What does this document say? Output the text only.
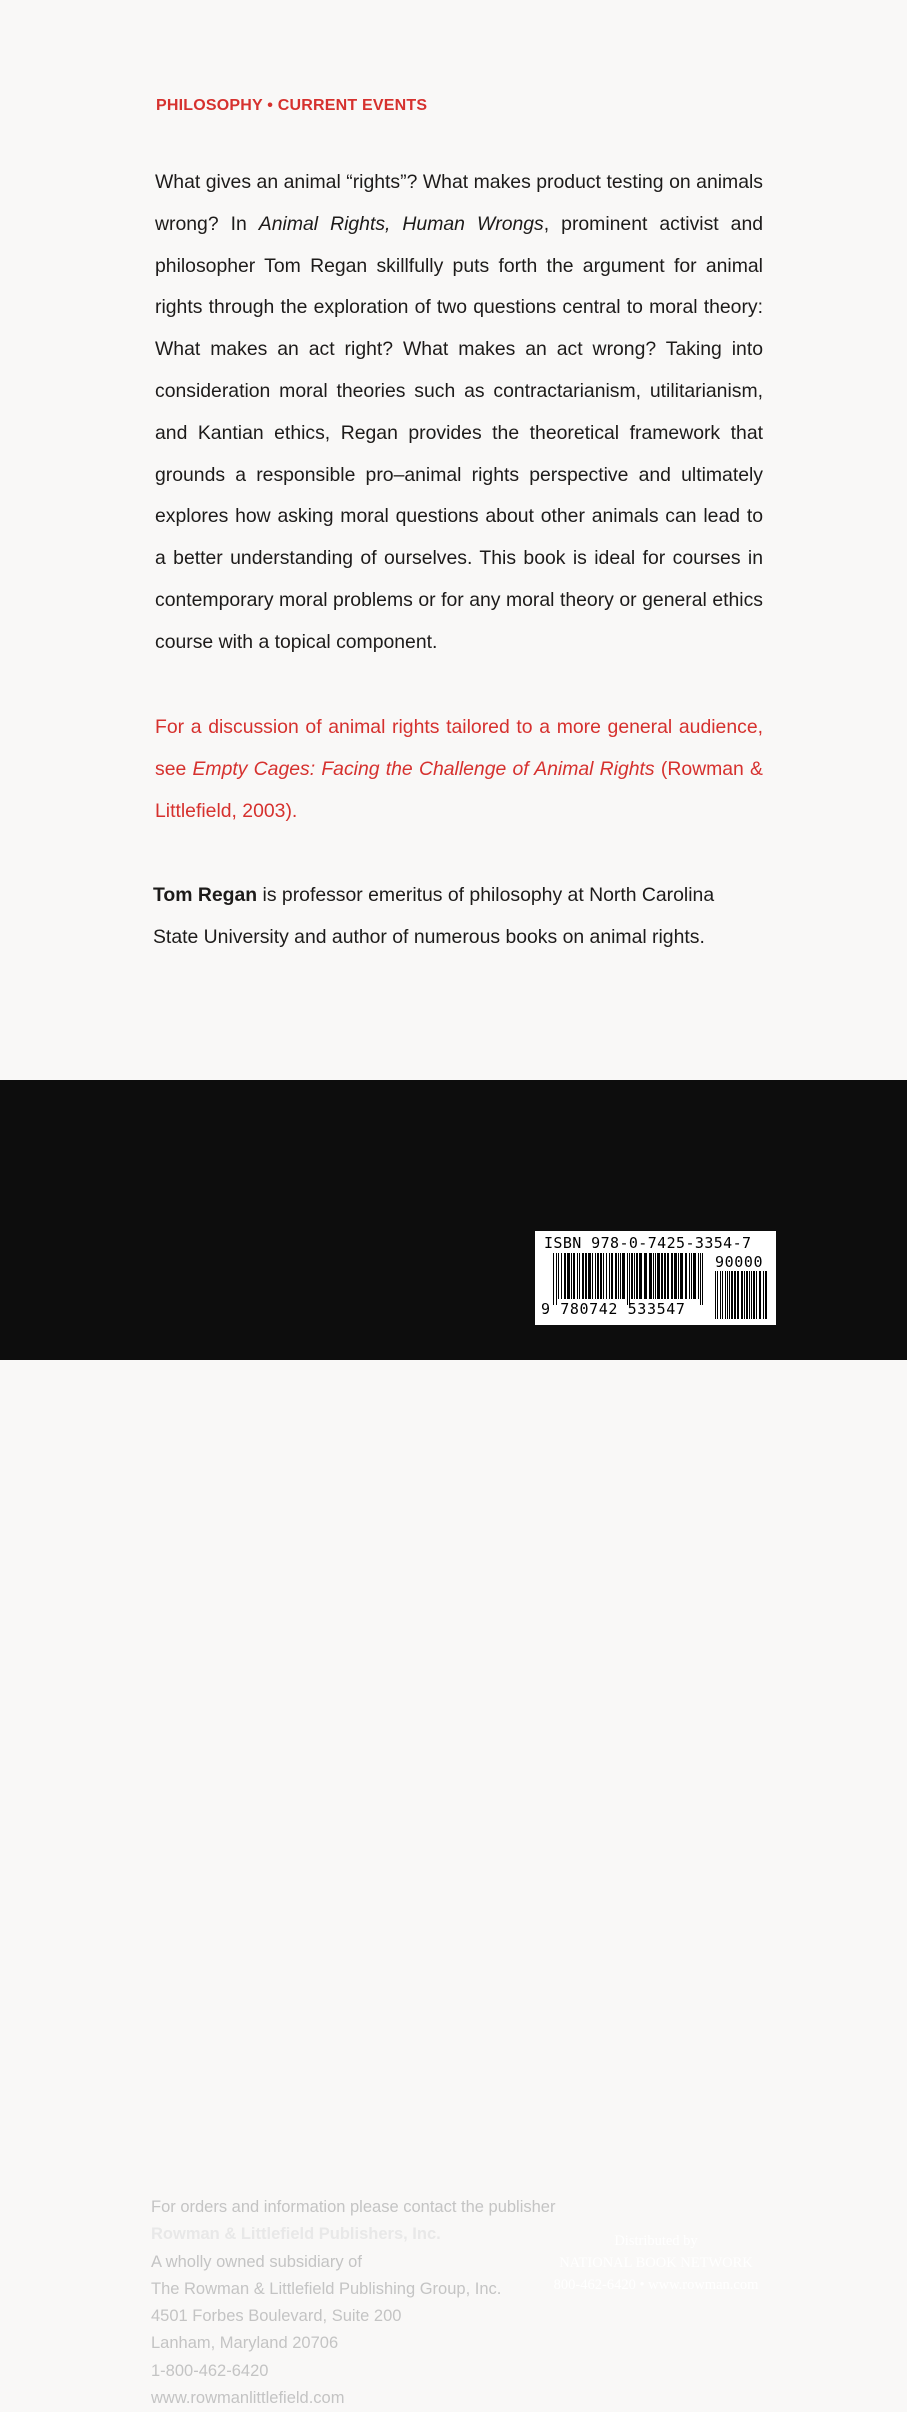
PHILOSOPHY • CURRENT EVENTS

What gives an animal “rights”? What makes product testing on animals wrong? In Animal Rights, Human Wrongs, prominent activist and philosopher Tom Regan skillfully puts forth the argument for animal rights through the exploration of two questions central to moral theory: What makes an act right? What makes an act wrong? Taking into consideration moral theories such as contractarianism, utilitarianism, and Kantian ethics, Regan provides the theoretical framework that grounds a responsible pro–animal rights perspective and ultimately explores how asking moral questions about other animals can lead to a better understanding of ourselves. This book is ideal for courses in contemporary moral problems or for any moral theory or general ethics course with a topical component.

For a discussion of animal rights tailored to a more general audience, see Empty Cages: Facing the Challenge of Animal Rights (Rowman & Littlefield, 2003).

Tom Regan is professor emeritus of philosophy at North Carolina State University and author of numerous books on animal rights.

For orders and information please contact the publisher
Rowman & Littlefield Publishers, Inc.
A wholly owned subsidiary of
The Rowman & Littlefield Publishing Group, Inc.
4501 Forbes Boulevard, Suite 200
Lanham, Maryland 20706
1-800-462-6420
www.rowmanlittlefield.com
Distributed by
NATIONAL BOOK NETWORK
800-462-6420 • www.rowman.com
ISBN 978-0-7425-3354-7
90000
9 780742 533547
